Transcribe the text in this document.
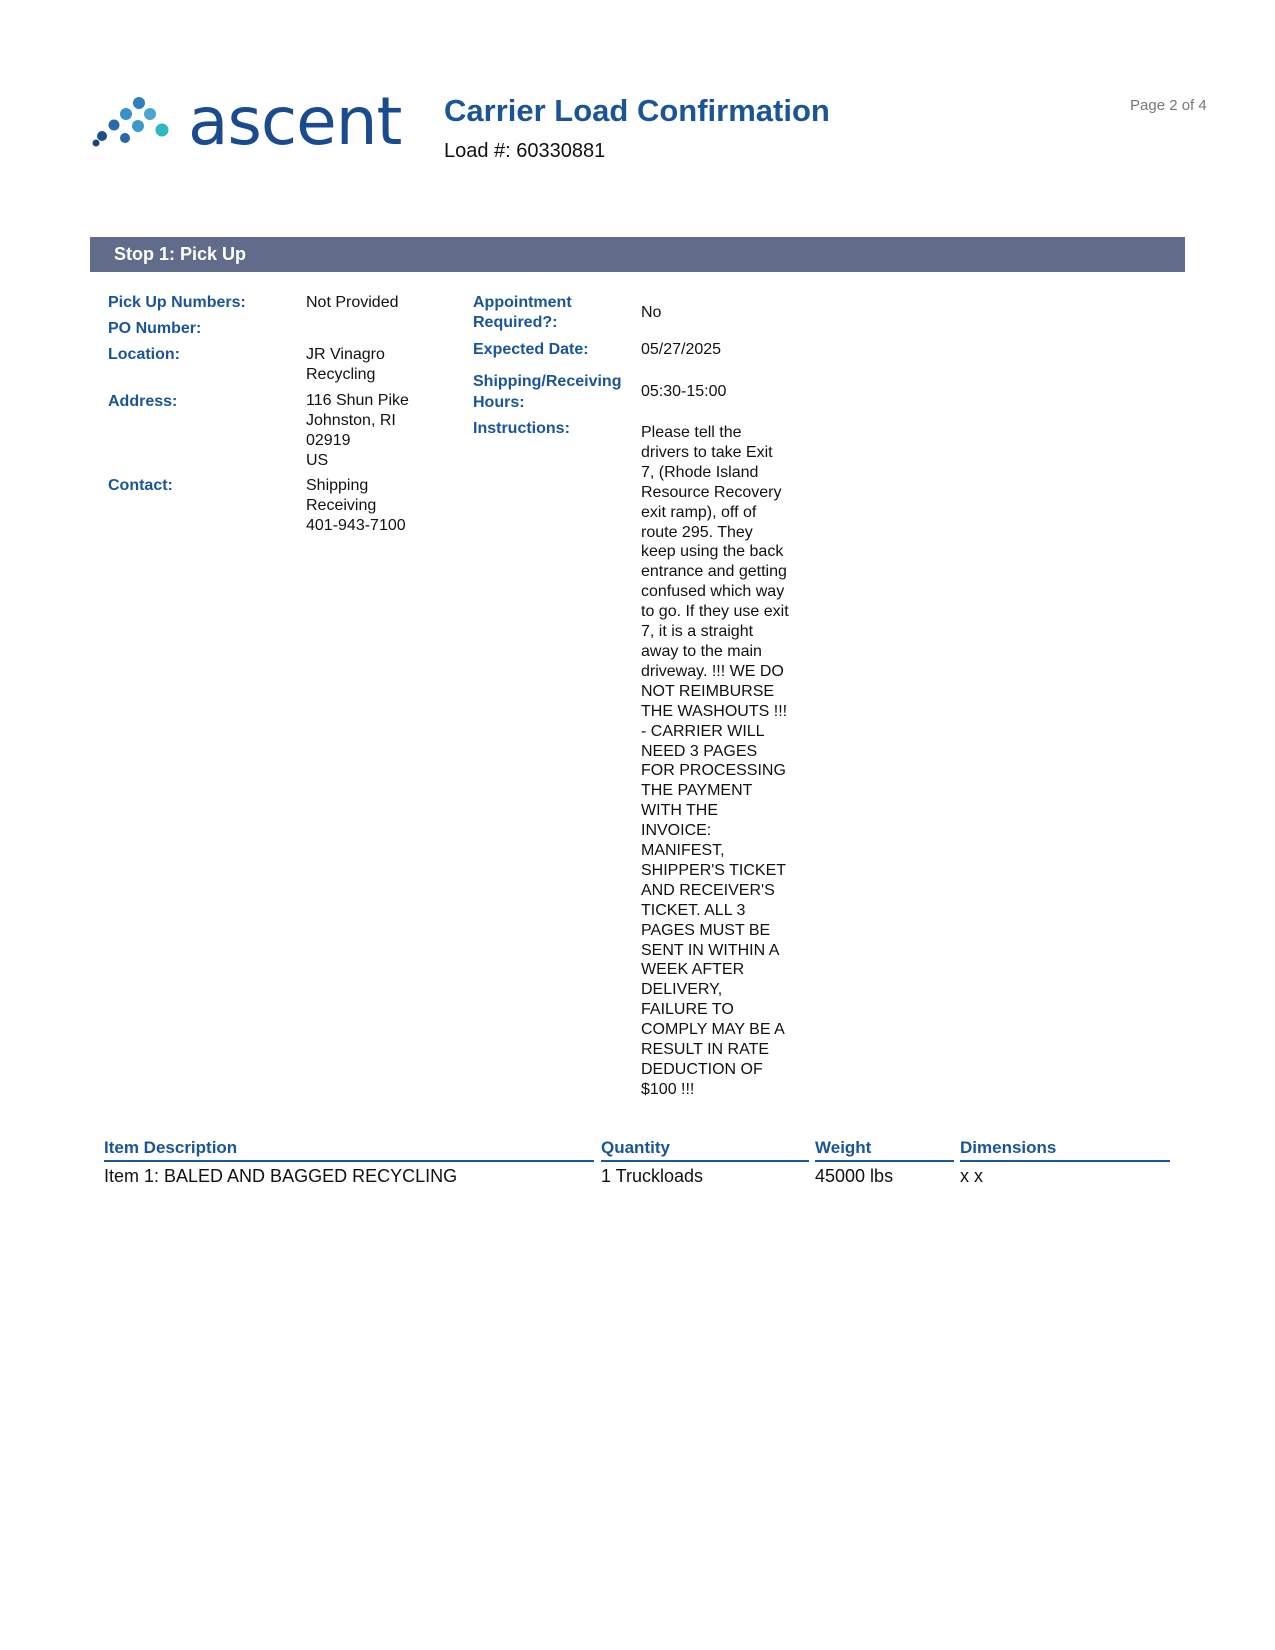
ascent Carrier Load Confirmation
Load #: 60330881
Page 2 of 4
Stop 1: Pick Up
Pick Up Numbers:	Not Provided
PO Number:
Location:	JR Vinagro
Recycling
Address:	116 Shun Pike
Johnston, RI
02919
US
Contact:	Shipping
Receiving
401-943-7100
Appointment
Required?:
No
Expected Date:	05/27/2025
Shipping/Receiving
Hours:
05:30-15:00
Instructions:	Please tell the
drivers to take Exit
7, (Rhode Island
Resource Recovery
exit ramp), off of
route 295. They
keep using the back
entrance and getting
confused which way
to go. If they use exit
7, it is a straight
away to the main
driveway. !!! WE DO
NOT REIMBURSE
THE WASHOUTS !!!
- CARRIER WILL
NEED 3 PAGES
FOR PROCESSING
THE PAYMENT
WITH THE
INVOICE:
MANIFEST,
SHIPPER'S TICKET
AND RECEIVER'S
TICKET. ALL 3
PAGES MUST BE
SENT IN WITHIN A
WEEK AFTER
DELIVERY,
FAILURE TO
COMPLY MAY BE A
RESULT IN RATE
DEDUCTION OF
$100 !!!
Item Description	Quantity	Weight	Dimensions
Item 1: BALED AND BAGGED RECYCLING	1 Truckloads	45000 lbs	x x
